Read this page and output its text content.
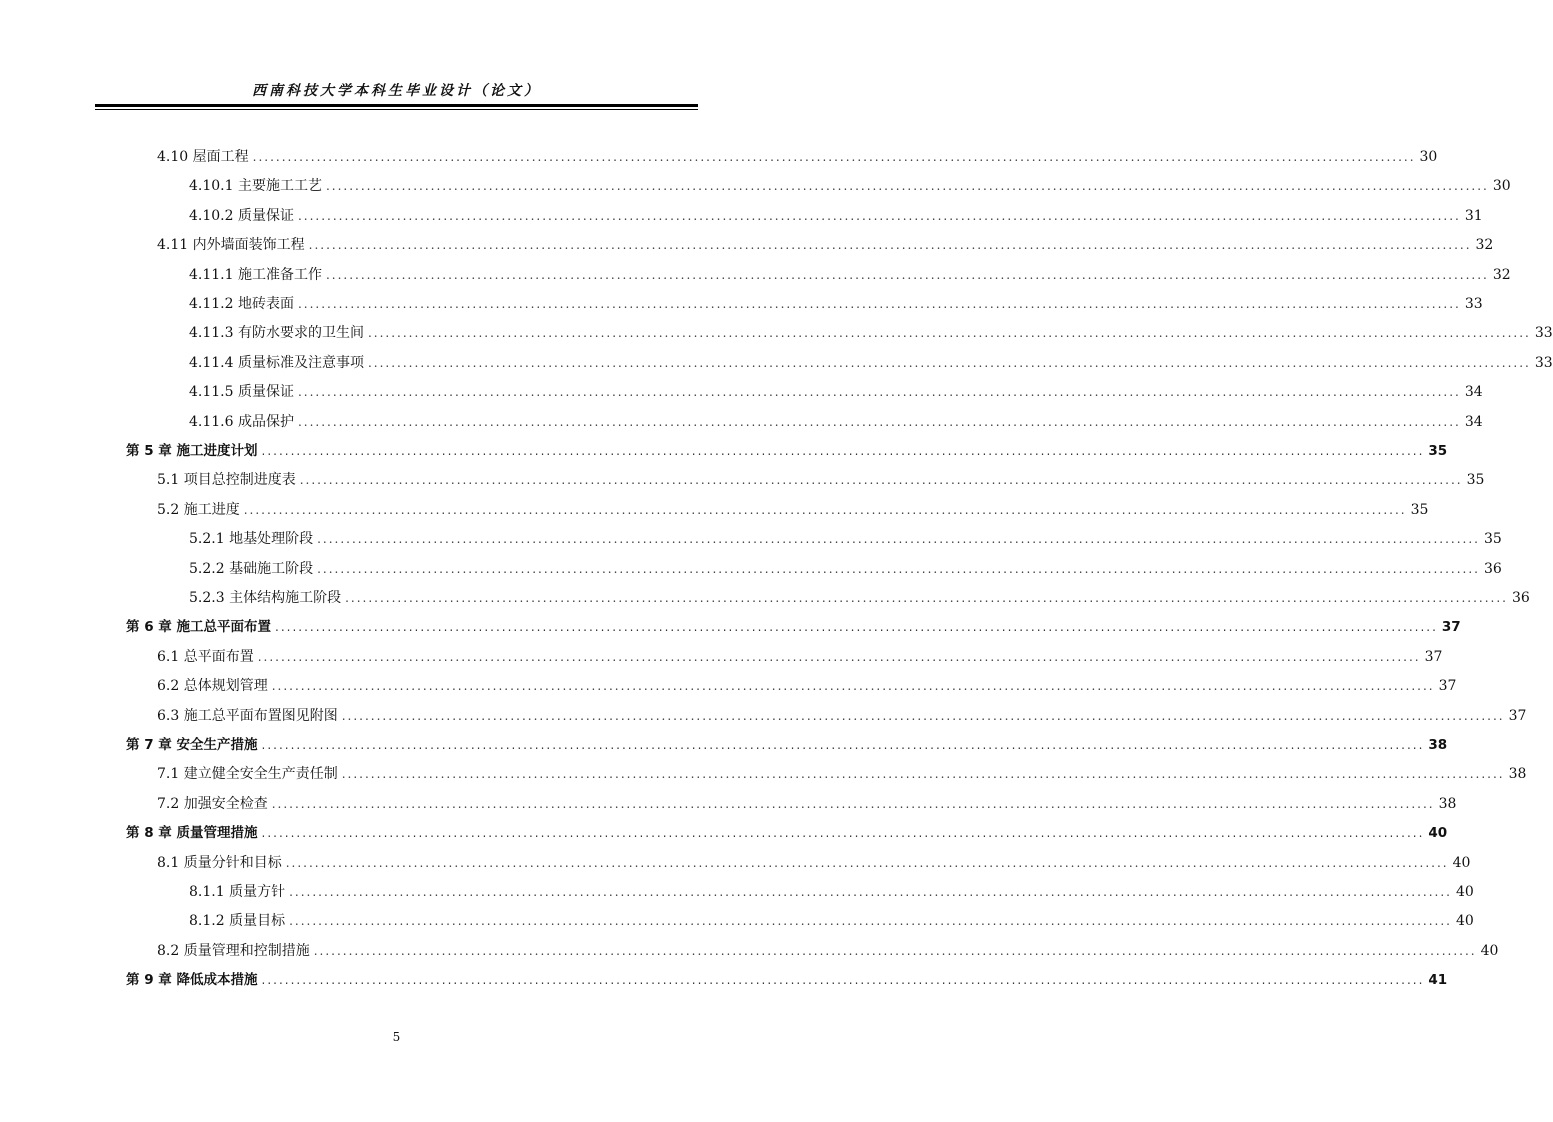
西南科技大学本科生毕业设计（论文）
4.10 屋面工程 ........................................................................................................................................................................................................ 30
4.10.1 主要施工工艺 ........................................................................................................................................................................................................ 30
4.10.2 质量保证 ........................................................................................................................................................................................................ 31
4.11 内外墙面装饰工程 ........................................................................................................................................................................................................ 32
4.11.1 施工准备工作 ........................................................................................................................................................................................................ 32
4.11.2 地砖表面 ........................................................................................................................................................................................................ 33
4.11.3 有防水要求的卫生间 ........................................................................................................................................................................................................ 33
4.11.4 质量标准及注意事项 ........................................................................................................................................................................................................ 33
4.11.5 质量保证 ........................................................................................................................................................................................................ 34
4.11.6 成品保护 ........................................................................................................................................................................................................ 34
第 5 章 施工进度计划 ........................................................................................................................................................................................................ 35
5.1 项目总控制进度表 ........................................................................................................................................................................................................ 35
5.2 施工进度 ........................................................................................................................................................................................................ 35
5.2.1 地基处理阶段 ........................................................................................................................................................................................................ 35
5.2.2 基础施工阶段 ........................................................................................................................................................................................................ 36
5.2.3 主体结构施工阶段 ........................................................................................................................................................................................................ 36
第 6 章 施工总平面布置 ........................................................................................................................................................................................................ 37
6.1 总平面布置 ........................................................................................................................................................................................................ 37
6.2 总体规划管理 ........................................................................................................................................................................................................ 37
6.3 施工总平面布置图见附图 ........................................................................................................................................................................................................ 37
第 7 章 安全生产措施 ........................................................................................................................................................................................................ 38
7.1 建立健全安全生产责任制 ........................................................................................................................................................................................................ 38
7.2 加强安全检查 ........................................................................................................................................................................................................ 38
第 8 章 质量管理措施 ........................................................................................................................................................................................................ 40
8.1 质量分针和目标 ........................................................................................................................................................................................................ 40
8.1.1 质量方针 ........................................................................................................................................................................................................ 40
8.1.2 质量目标 ........................................................................................................................................................................................................ 40
8.2 质量管理和控制措施 ........................................................................................................................................................................................................ 40
第 9 章 降低成本措施 ........................................................................................................................................................................................................ 41
5
